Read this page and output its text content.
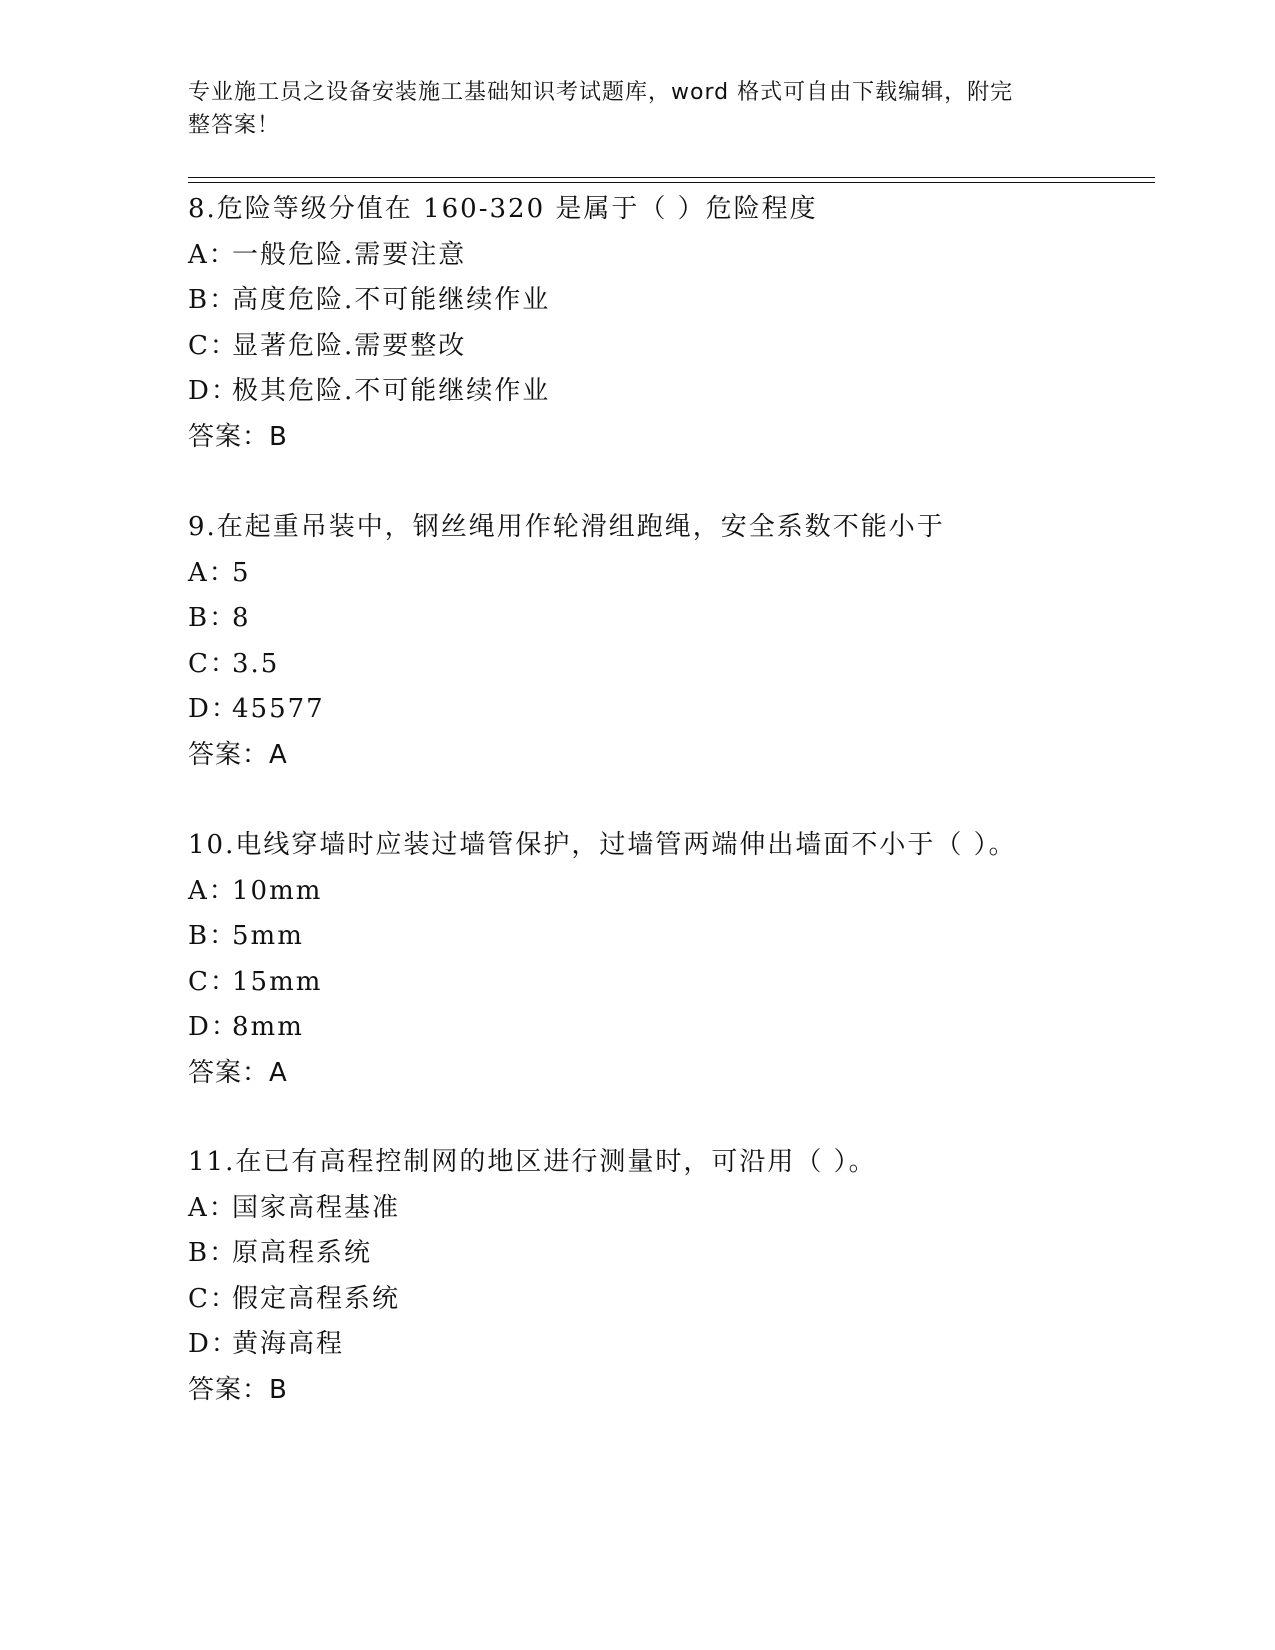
专业施工员之设备安装施工基础知识考试题库，word 格式可自由下载编辑，附完
整答案！
8.危险等级分值在 160-320 是属于（ ）危险程度
A：一般危险.需要注意
B：高度危险.不可能继续作业
C：显著危险.需要整改
D：极其危险.不可能继续作业
答案：B
9.在起重吊装中，钢丝绳用作轮滑组跑绳，安全系数不能小于
A：5
B：8
C：3.5
D：45577
答案：A
10.电线穿墙时应装过墙管保护，过墙管两端伸出墙面不小于（ ）。
A：10mm
B：5mm
C：15mm
D：8mm
答案：A
11.在已有高程控制网的地区进行测量时，可沿用（ ）。
A：国家高程基准
B：原高程系统
C：假定高程系统
D：黄海高程
答案：B
